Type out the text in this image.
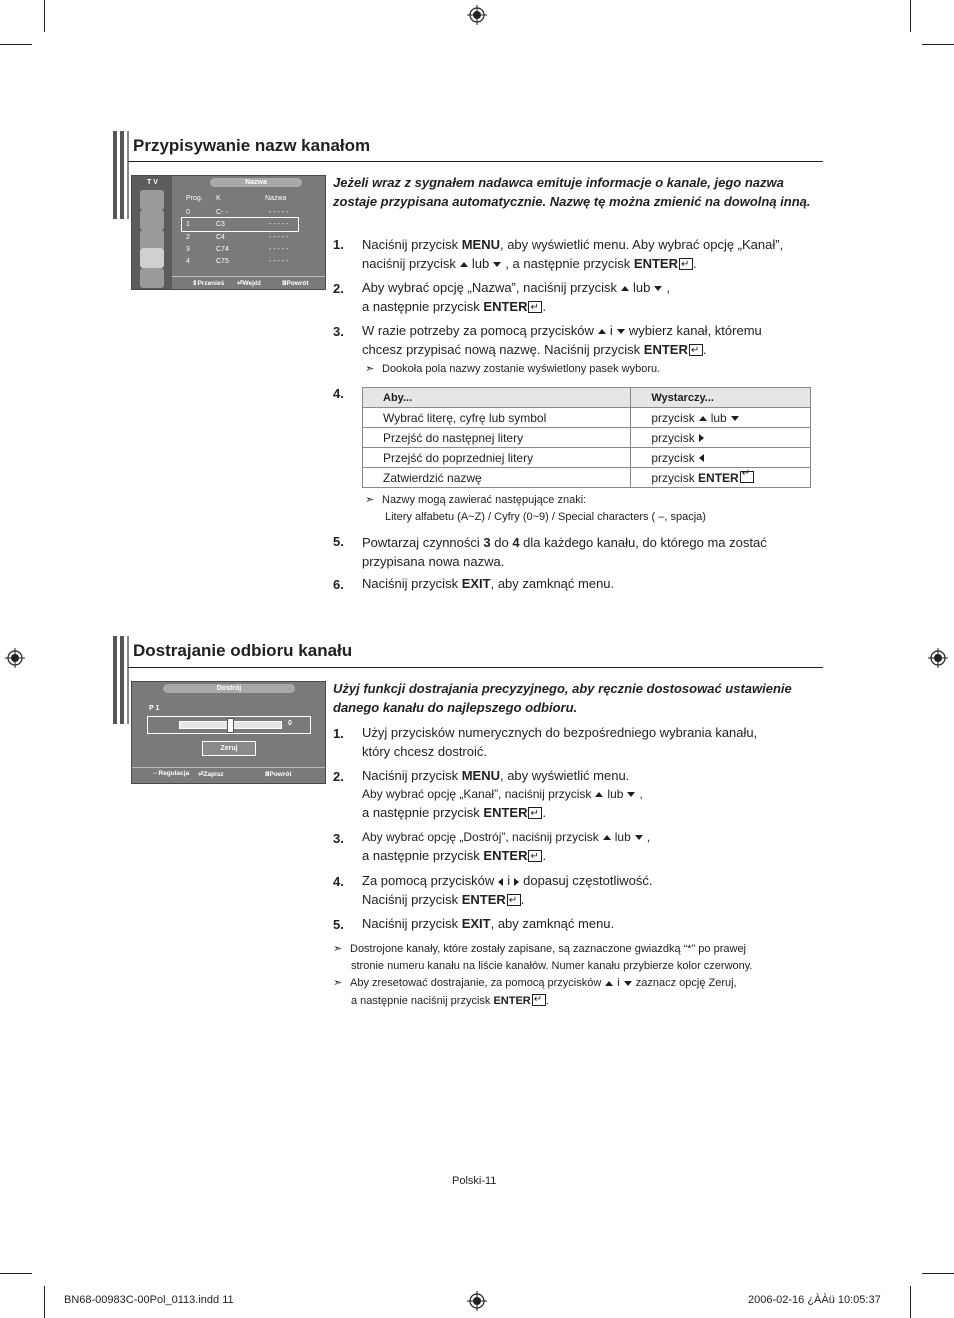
Przypisywanie nazw kanałom
T V	Nazwa
Prog. K	Nazwa
0	C- -	- - - - -
1	C3	- - - - -
2	C4	- - - - -
3	C74	- - - - -
4	C75	- - - - -
⇕Przenieś ⏎Wejdź	ⅢPowrót
Jeżeli wraz z sygnałem nadawca emituje informacje o kanale, jego nazwa zostaje przypisana automatycznie. Nazwę tę można zmienić na dowolną inną.
1. Naciśnij przycisk MENU, aby wyświetlić menu. Aby wybrać opcję „Kanał”,
naciśnij przycisk lub , a następnie przycisk ENTER ↵ .
2. Aby wybrać opcję „Nazwa”, naciśnij przycisk lub ,
a następnie przycisk ENTER ↵ .
3. W razie potrzeby za pomocą przycisków i wybierz kanał, któremu
chcesz przypisać nową nazwę. Naciśnij przycisk ENTER ↵ .
➣ Dookoła pola nazwy zostanie wyświetlony pasek wyboru.
4.	Aby...	Wystarczy...
Wybrać literę, cyfrę lub symbol	przycisk lub
Przejść do następnej litery	przycisk
Przejść do poprzedniej litery	przycisk
Zatwierdzić nazwę	przycisk ENTER↵
➣ Nazwy mogą zawierać następujące znaki:
Litery alfabetu (A~Z) / Cyfry (0~9) / Special characters ( –, spacja)
5. Powtarzaj czynności 3 do 4 dla każdego kanału, do którego ma zostać
przypisana nowa nazwa.
6. Naciśnij przycisk EXIT, aby zamknąć menu.
Dostrajanie odbioru kanału
Dostrój
P 1
0
Zeruj
⇔Regulacja ⏎Zapisz	ⅢPowrót
Użyj funkcji dostrajania precyzyjnego, aby ręcznie dostosować ustawienie danego kanału do najlepszego odbioru.
1. Użyj przycisków numerycznych do bezpośredniego wybrania kanału,
który chcesz dostroić.
2. Naciśnij przycisk MENU, aby wyświetlić menu.
Aby wybrać opcję „Kanał”, naciśnij przycisk lub ,
a następnie przycisk ENTER ↵ .
3. Aby wybrać opcję „Dostrój”, naciśnij przycisk lub ,
a następnie przycisk ENTER ↵ .
4. Za pomocą przycisków i dopasuj częstotliwość.
Naciśnij przycisk ENTER ↵ .
5. Naciśnij przycisk EXIT, aby zamknąć menu.
➣ Dostrojone kanały, które zostały zapisane, są zaznaczone gwiazdką “*” po prawej
stronie numeru kanału na liście kanałów. Numer kanału przybierze kolor czerwony.
➣ Aby zresetować dostrajanie, za pomocą przycisków i zaznacz opcję Zeruj,
a następnie naciśnij przycisk ENTER ↵ .
Polski-11
BN68-00983C-00Pol_0113.indd 11	2006-02-16 ¿ÀÀü 10:05:37
